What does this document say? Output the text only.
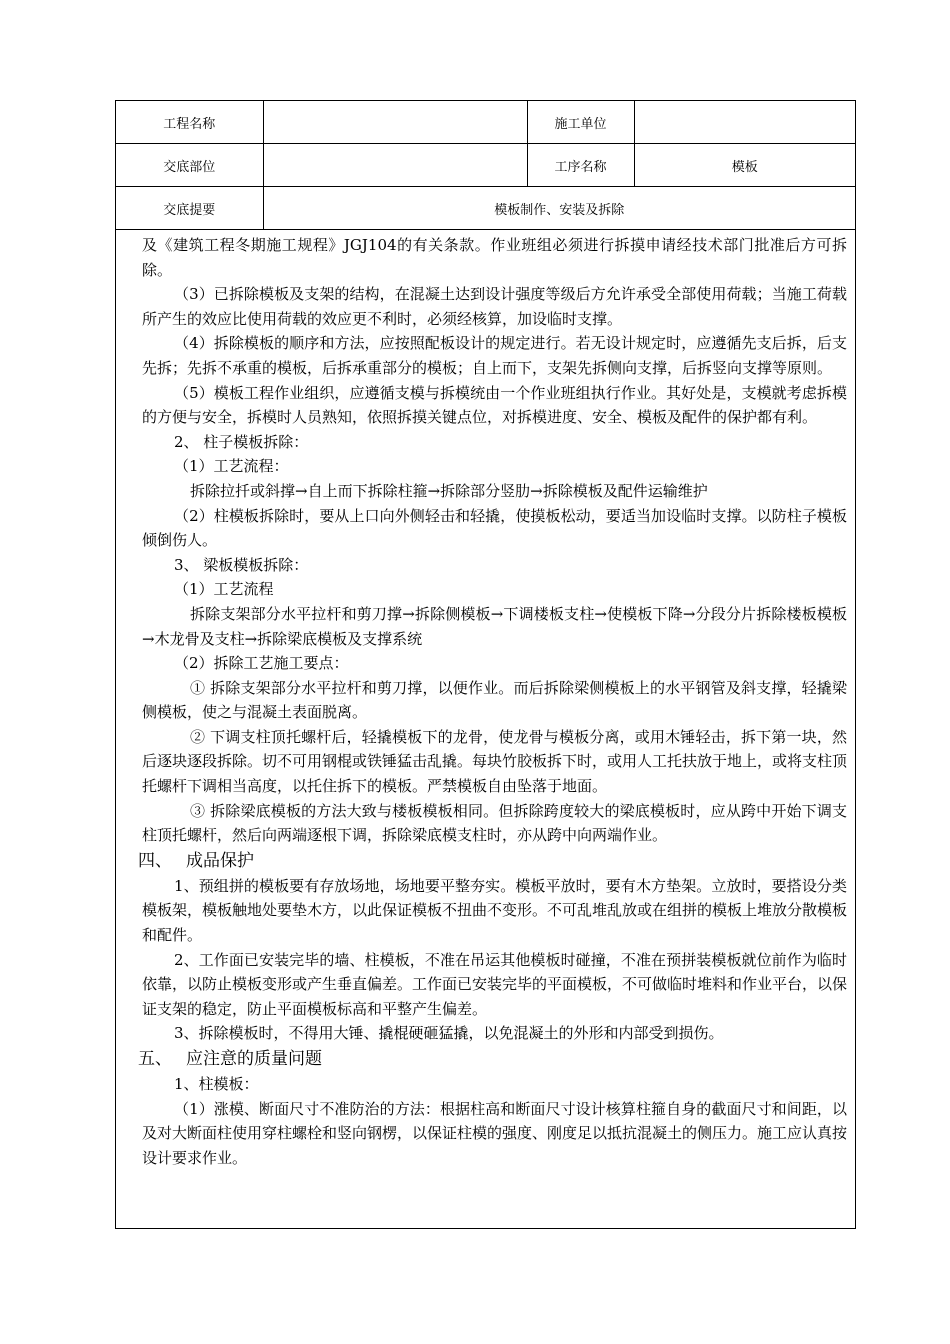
工程名称		施工单位	
交底部位		工序名称	模板
交底提要	模板制作、安装及拆除		

及《建筑工程冬期施工规程》JGJ104的有关条款。作业班组必须进行拆摸申请经技术部门批准后方可拆除。

（3）已拆除模板及支架的结构，在混凝土达到设计强度等级后方允许承受全部使用荷载；当施工荷载所产生的效应比使用荷载的效应更不利时，必须经核算，加设临时支撑。

（4）拆除模板的顺序和方法，应按照配板设计的规定进行。若无设计规定时，应遵循先支后拆，后支先拆；先拆不承重的模板，后拆承重部分的模板；自上而下，支架先拆侧向支撑，后拆竖向支撑等原则。

（5）模板工程作业组织，应遵循支模与拆模统由一个作业班组执行作业。其好处是，支模就考虑拆模的方便与安全，拆模时人员熟知，依照拆摸关键点位，对拆模进度、安全、模板及配件的保护都有利。

2、 柱子模板拆除：

（1）工艺流程：

拆除拉扦或斜撑→自上而下拆除柱箍→拆除部分竖肋→拆除模板及配件运输维护

（2）柱模板拆除时，要从上口向外侧轻击和轻撬，使摸板松动，要适当加设临时支撑。以防柱子模板倾倒伤人。

3、 梁板模板拆除：

（1）工艺流程

拆除支架部分水平拉杆和剪刀撑→拆除侧模板→下调楼板支柱→使模板下降→分段分片拆除楼板模板→木龙骨及支柱→拆除梁底模板及支撑系统

（2）拆除工艺施工要点：

① 拆除支架部分水平拉杆和剪刀撑，以便作业。而后拆除梁侧模板上的水平钢管及斜支撑，轻撬梁侧模板，使之与混凝土表面脱离。

② 下调支柱顶托螺杆后，轻撬模板下的龙骨，使龙骨与模板分离，或用木锤轻击，拆下第一块，然后逐块逐段拆除。切不可用钢棍或铁锤猛击乱撬。每块竹胶板拆下时，或用人工托扶放于地上，或将支柱顶托螺杆下调相当高度，以托住拆下的模板。严禁模板自由坠落于地面。

③ 拆除梁底模板的方法大致与楼板模板相同。但拆除跨度较大的梁底模板时，应从跨中开始下调支柱顶托螺杆，然后向两端逐根下调，拆除梁底模支柱时，亦从跨中向两端作业。

四、 成品保护

1、预组拼的模板要有存放场地，场地要平整夯实。模板平放时，要有木方垫架。立放时，要搭设分类模板架，模板触地处要垫木方，以此保证模板不扭曲不变形。不可乱堆乱放或在组拼的模板上堆放分散模板和配件。

2、工作面已安装完毕的墙、柱模板，不准在吊运其他模板时碰撞，不准在预拼装模板就位前作为临时依靠，以防止模板变形或产生垂直偏差。工作面已安装完毕的平面模板，不可做临时堆料和作业平台，以保证支架的稳定，防止平面模板标高和平整产生偏差。

3、拆除模板时，不得用大锤、撬棍硬砸猛撬，以免混凝土的外形和内部受到损伤。

五、 应注意的质量问题

1、柱模板：

（1）涨模、断面尺寸不准防治的方法：根据柱高和断面尺寸设计核算柱箍自身的截面尺寸和间距，以及对大断面柱使用穿柱螺栓和竖向钢楞，以保证柱模的强度、刚度足以抵抗混凝土的侧压力。施工应认真按设计要求作业。
